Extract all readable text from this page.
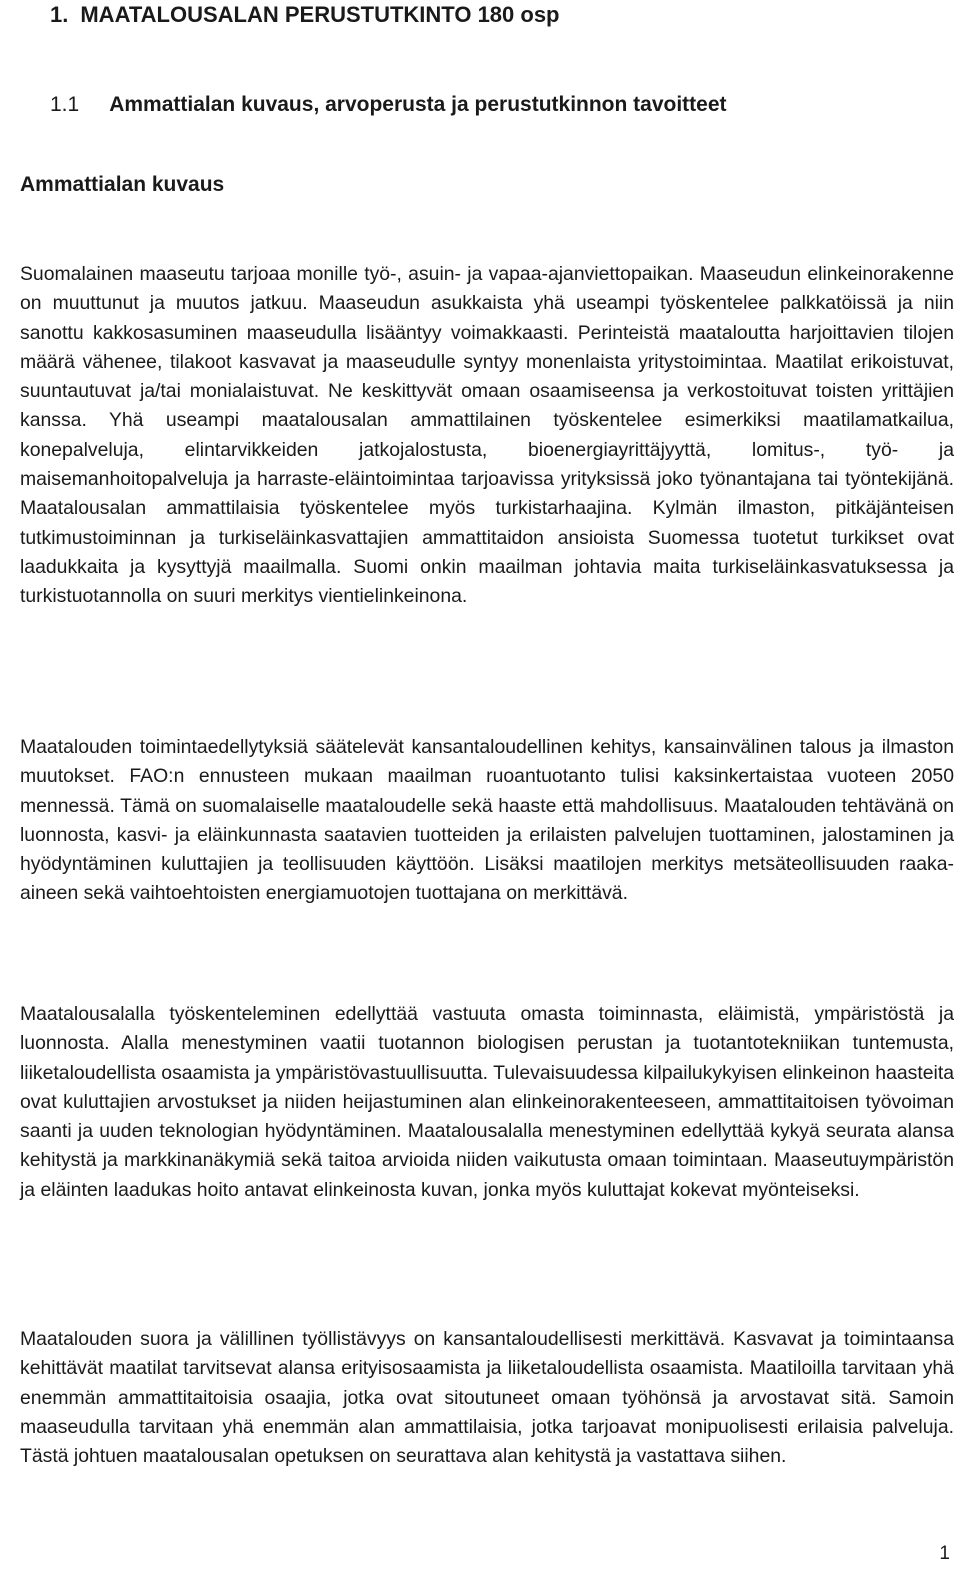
1. MAATALOUSALAN PERUSTUTKINTO 180 osp
1.1 Ammattialan kuvaus, arvoperusta ja perustutkinnon tavoitteet
Ammattialan kuvaus

Suomalainen maaseutu tarjoaa monille työ-, asuin- ja vapaa-ajanviettopaikan. Maaseudun elinkeinorakenne on muuttunut ja muutos jatkuu. Maaseudun asukkaista yhä useampi työskentelee palkkatöissä ja niin sanottu kakkosasuminen maaseudulla lisääntyy voimakkaasti. Perinteistä maataloutta harjoittavien tilojen määrä vähenee, tilakoot kasvavat ja maaseudulle syntyy monenlaista yritystoimintaa. Maatilat erikoistuvat, suuntautuvat ja/tai monialaistuvat. Ne keskittyvät omaan osaamiseensa ja verkostoituvat toisten yrittäjien kanssa. Yhä useampi maatalousalan ammattilainen työskentelee esimerkiksi maatilamatkailua, konepalveluja, elintarvikkeiden jatkojalostusta, bioenergiayrittäjyyttä, lomitus-, työ- ja maisemanhoitopalveluja ja harraste-eläintoimintaa tarjoavissa yrityksissä joko työnantajana tai työntekijänä. Maatalousalan ammattilaisia työskentelee myös turkistarhaajina. Kylmän ilmaston, pitkäjänteisen tutkimustoiminnan ja turkiseläinkasvattajien ammattitaidon ansioista Suomessa tuotetut turkikset ovat laadukkaita ja kysyttyjä maailmalla. Suomi onkin maailman johtavia maita turkiseläinkasvatuksessa ja turkistuotannolla on suuri merkitys vientielinkeinona.

Maatalouden toimintaedellytyksiä säätelevät kansantaloudellinen kehitys, kansainvälinen talous ja ilmaston muutokset. FAO:n ennusteen mukaan maailman ruoantuotanto tulisi kaksinkertaistaa vuoteen 2050 mennessä. Tämä on suomalaiselle maataloudelle sekä haaste että mahdollisuus. Maatalouden tehtävänä on luonnosta, kasvi- ja eläinkunnasta saatavien tuotteiden ja erilaisten palvelujen tuottaminen, jalostaminen ja hyödyntäminen kuluttajien ja teollisuuden käyttöön. Lisäksi maatilojen merkitys metsäteollisuuden raakaaineen sekä vaihtoehtoisten energiamuotojen tuottajana on merkittävä.

Maatalousalalla työskenteleminen edellyttää vastuuta omasta toiminnasta, eläimistä, ympäristöstä ja luonnosta. Alalla menestyminen vaatii tuotannon biologisen perustan ja tuotantotekniikan tuntemusta, liiketaloudellista osaamista ja ympäristövastuullisuutta. Tulevaisuudessa kilpailukykyisen elinkeinon haasteita ovat kuluttajien arvostukset ja niiden heijastuminen alan elinkeinorakenteeseen, ammattitaitoisen työvoiman saanti ja uuden teknologian hyödyntäminen. Maatalousalalla menestyminen edellyttää kykyä seurata alansa kehitystä ja markkinanäkymiä sekä taitoa arvioida niiden vaikutusta omaan toimintaan. Maaseutuympäristön ja eläinten laadukas hoito antavat elinkeinosta kuvan, jonka myös kuluttajat kokevat myönteiseksi.

Maatalouden suora ja välillinen työllistävyys on kansantaloudellisesti merkittävä. Kasvavat ja toimintaansa kehittävät maatilat tarvitsevat alansa erityisosaamista ja liiketaloudellista osaamista. Maatiloilla tarvitaan yhä enemmän ammattitaitoisia osaajia, jotka ovat sitoutuneet omaan työhönsä ja arvostavat sitä. Samoin maaseudulla tarvitaan yhä enemmän alan ammattilaisia, jotka tarjoavat monipuolisesti erilaisia palveluja. Tästä johtuen maatalousalan opetuksen on seurattava alan kehitystä ja vastattava siihen.

1
